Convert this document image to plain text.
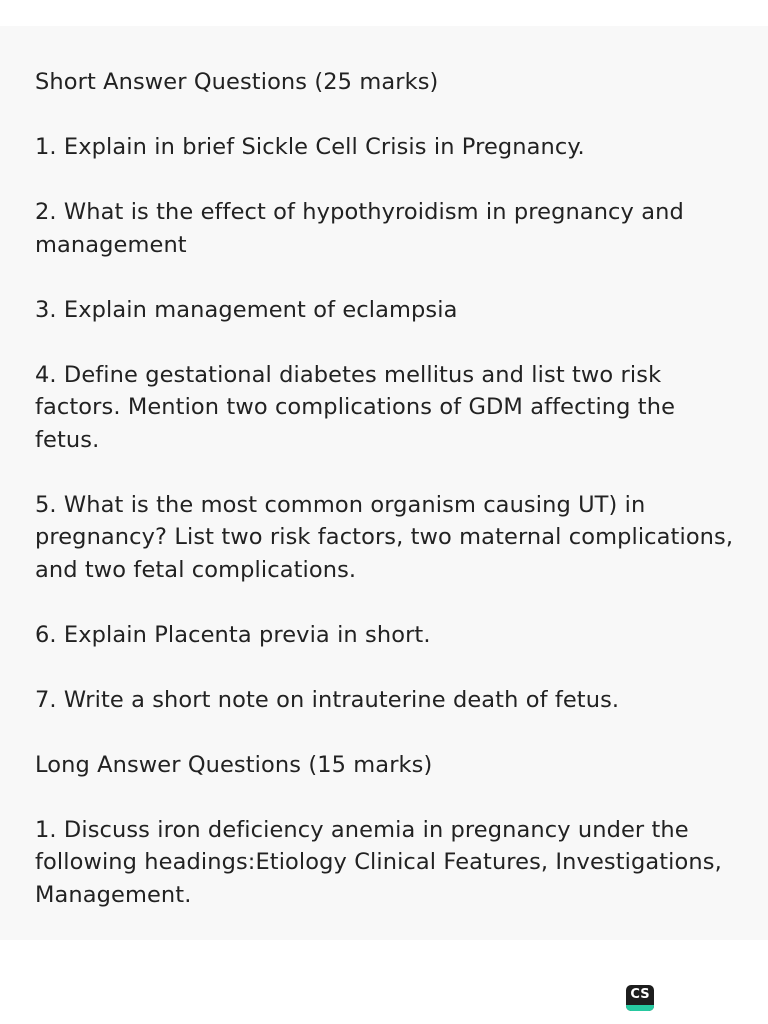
Short Answer Questions (25 marks)

1. Explain in brief Sickle Cell Crisis in Pregnancy.

2. What is the effect of hypothyroidism in pregnancy and management

3. Explain management of eclampsia

4. Define gestational diabetes mellitus and list two risk factors. Mention two complications of GDM affecting the fetus.

5. What is the most common organism causing UT) in pregnancy? List two risk factors, two maternal complications, and two fetal complications.

6. Explain Placenta previa in short.

7. Write a short note on intrauterine death of fetus.

Long Answer Questions (15 marks)

1. Discuss iron deficiency anemia in pregnancy under the following headings:Etiology Clinical Features, Investigations, Management.

CS
